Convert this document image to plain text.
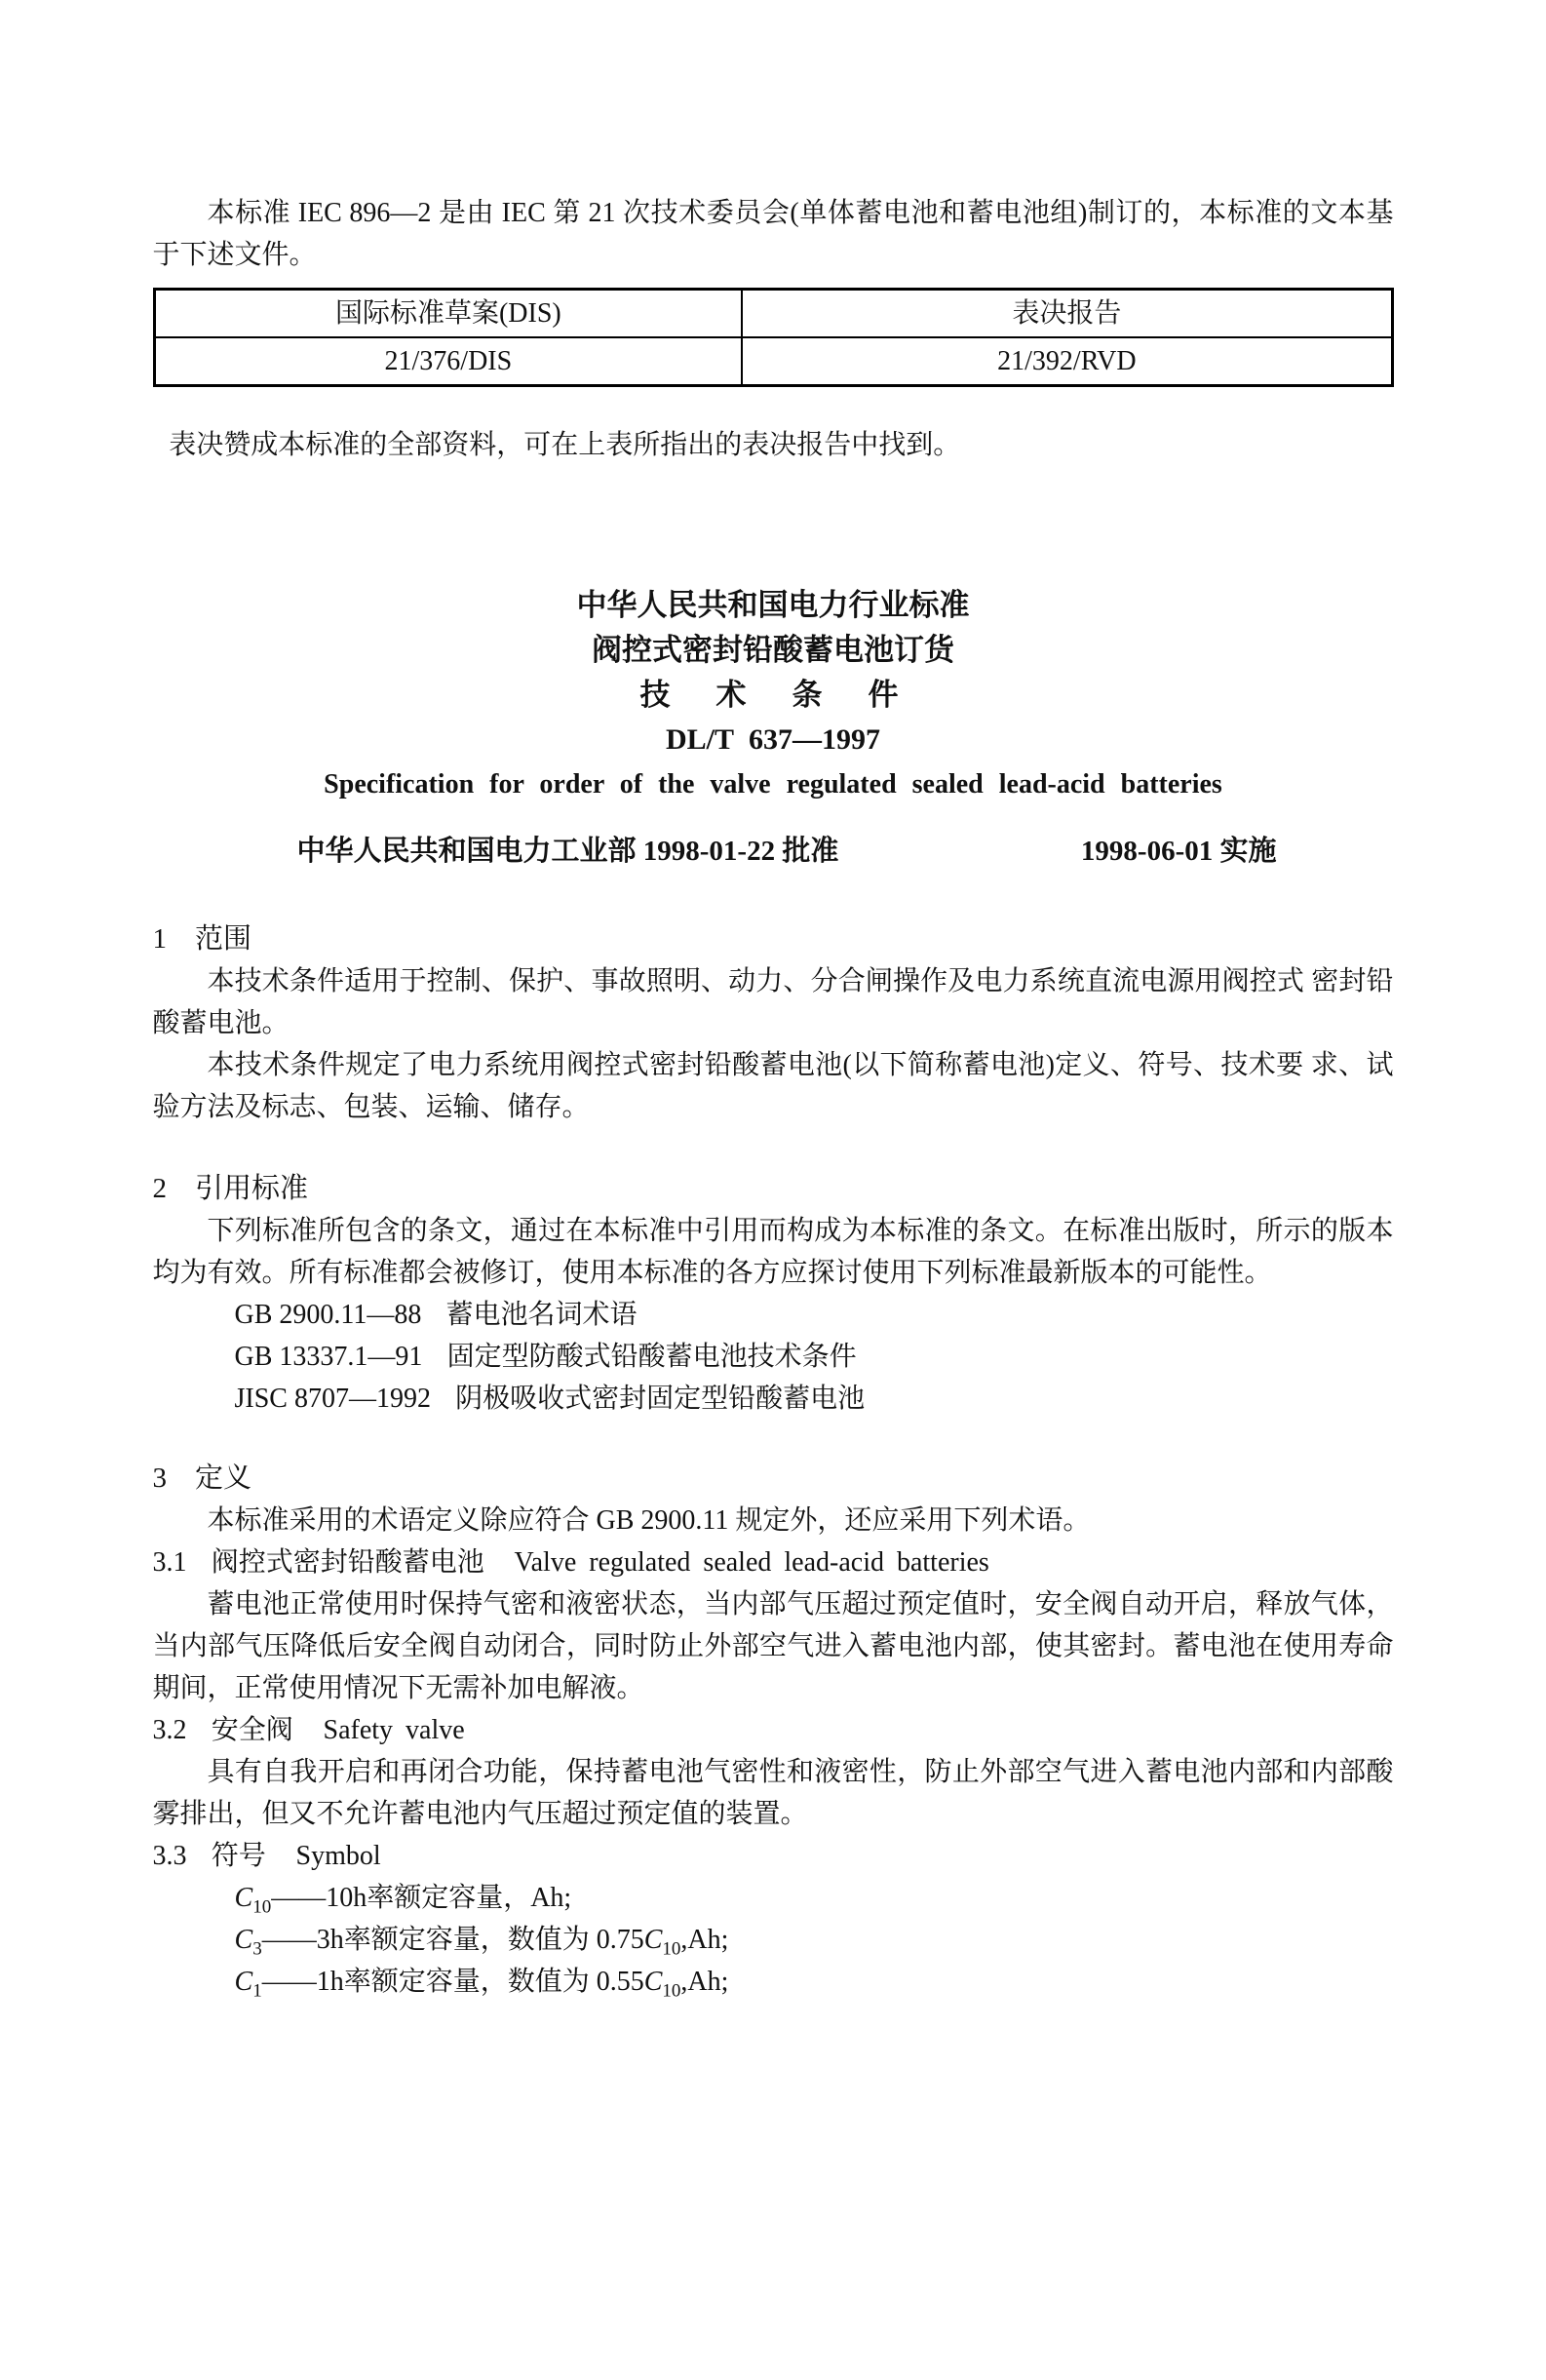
本标准 IEC 896—2 是由 IEC 第 21 次技术委员会(单体蓄电池和蓄电池组)制订的，本标准的文本基于下述文件。

国际标准草案(DIS)	表决报告
21/376/DIS	21/392/RVD

表决赞成本标准的全部资料，可在上表所指出的表决报告中找到。

中华人民共和国电力行业标准
阀控式密封铅酸蓄电池订货
技　术　条　件
DL/T 637—1997
Specification for order of the valve regulated sealed lead-acid batteries
中华人民共和国电力工业部 1998-01-22 批准	1998-06-01 实施
1 范围

本技术条件适用于控制、保护、事故照明、动力、分合闸操作及电力系统直流电源用阀控式 密封铅酸蓄电池。

本技术条件规定了电力系统用阀控式密封铅酸蓄电池(以下简称蓄电池)定义、符号、技术要 求、试验方法及标志、包装、运输、储存。

2 引用标准

下列标准所包含的条文，通过在本标准中引用而构成为本标准的条文。在标准出版时，所示的版本均为有效。所有标准都会被修订，使用本标准的各方应探讨使用下列标准最新版本的可能性。

GB 2900.11—88 蓄电池名词术语
GB 13337.1—91 固定型防酸式铅酸蓄电池技术条件
JISC 8707—1992 阴极吸收式密封固定型铅酸蓄电池
3 定义

本标准采用的术语定义除应符合 GB 2900.11 规定外，还应采用下列术语。

3.1 阀控式密封铅酸蓄电池 Valve regulated sealed lead-acid batteries

蓄电池正常使用时保持气密和液密状态，当内部气压超过预定值时，安全阀自动开启，释放气体，当内部气压降低后安全阀自动闭合，同时防止外部空气进入蓄电池内部，使其密封。蓄电池在使用寿命期间，正常使用情况下无需补加电解液。

3.2 安全阀 Safety valve

具有自我开启和再闭合功能，保持蓄电池气密性和液密性，防止外部空气进入蓄电池内部和内部酸雾排出，但又不允许蓄电池内气压超过预定值的装置。

3.3 符号 Symbol
$C_{10}——10h$率额定容量，Ah;
$C_3——3h$率额定容量，数值为 $0.75C_{10},Ah$;
$C_1——1h$率额定容量，数值为 $0.55C_{10},Ah$;
